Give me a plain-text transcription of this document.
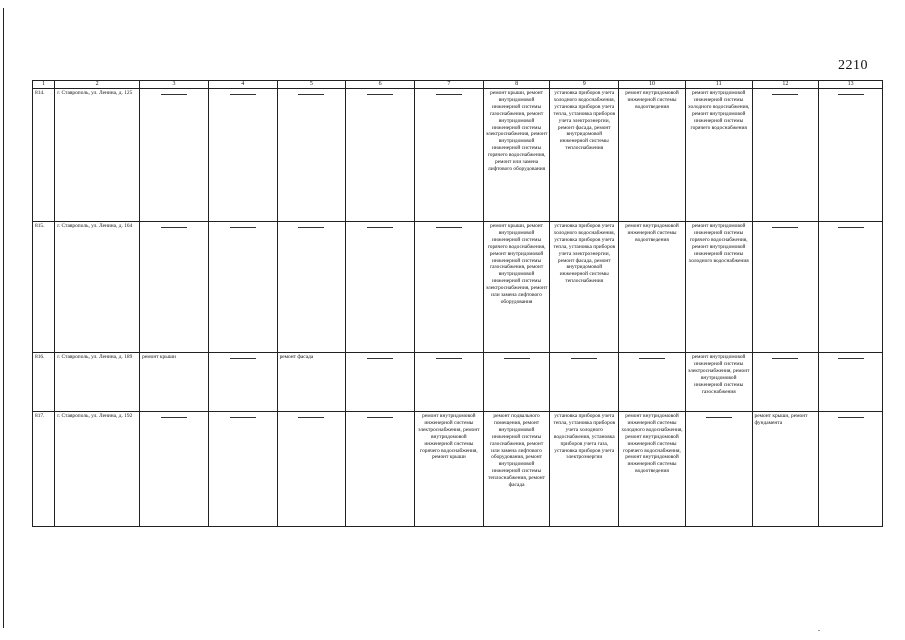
2210
1	2	3	4	5	6	7	8	9	10	11	12	13
814.	г. Ставрополь, ул. Ленина, д. 125						ремонт крыши, ремонт внутридомовой инженерной системы газоснабжения, ремонт внутридомовой инженерной системы электроснабжения, ремонт внутридомовой инженерной системы горячего водоснабжения, ремонт или замена лифтового оборудования	установка приборов учета холодного водоснабжения, установка приборов учета тепла, установка приборов учета электроэнергии, ремонт фасада, ремонт внутридомовой инженерной системы теплоснабжения	ремонт внутридомовой инженерной системы водоотведения	ремонт внутридомовой инженерной системы холодного водоснабжения, ремонт внутридомовой инженерной системы горячего водоснабжения	

815.	г. Ставрополь, ул. Ленина, д. 164						ремонт крыши, ремонт внутридомовой инженерной системы горячего водоснабжения, ремонт внутридомовой инженерной системы газоснабжения, ремонт внутридомовой инженерной системы электроснабжения, ремонт или замена лифтового оборудования	установка приборов учета холодного водоснабжения, установка приборов учета тепла, установка приборов учета электроэнергии, ремонт фасада, ремонт внутридомовой инженерной системы теплоснабжения	ремонт внутридомовой инженерной системы водоотведения	ремонт внутридомовой инженерной системы горячего водоснабжения, ремонт внутридомовой инженерной системы холодного водоснабжения	

816.	г. Ставрополь, ул. Ленина, д. 189	ремонт крыши		ремонт фасада						ремонт внутридомовой инженерной системы электроснабжения, ремонт внутридомовой инженерной системы газоснабжения	

817.	г. Ставрополь, ул. Ленина, д. 192					ремонт внутридомовой инженерной системы электроснабжения, ремонт внутридомовой инженерной системы горячего водоснабжения, ремонт крыши	ремонт подвального помещения, ремонт внутридомовой инженерной системы газоснабжения, ремонт или замена лифтового оборудования, ремонт внутридомовой инженерной системы теплоснабжения, ремонт фасада	установка приборов учета тепла, установка приборов учета холодного водоснабжения, установка приборов учета газа, установка приборов учета электроэнергии	ремонт внутридомовой инженерной системы холодного водоснабжения, ремонт внутридомовой инженерной системы горячего водоснабжения, ремонт внутридомовой инженерной системы водоотведения		ремонт крыши, ремонт фундамента	
